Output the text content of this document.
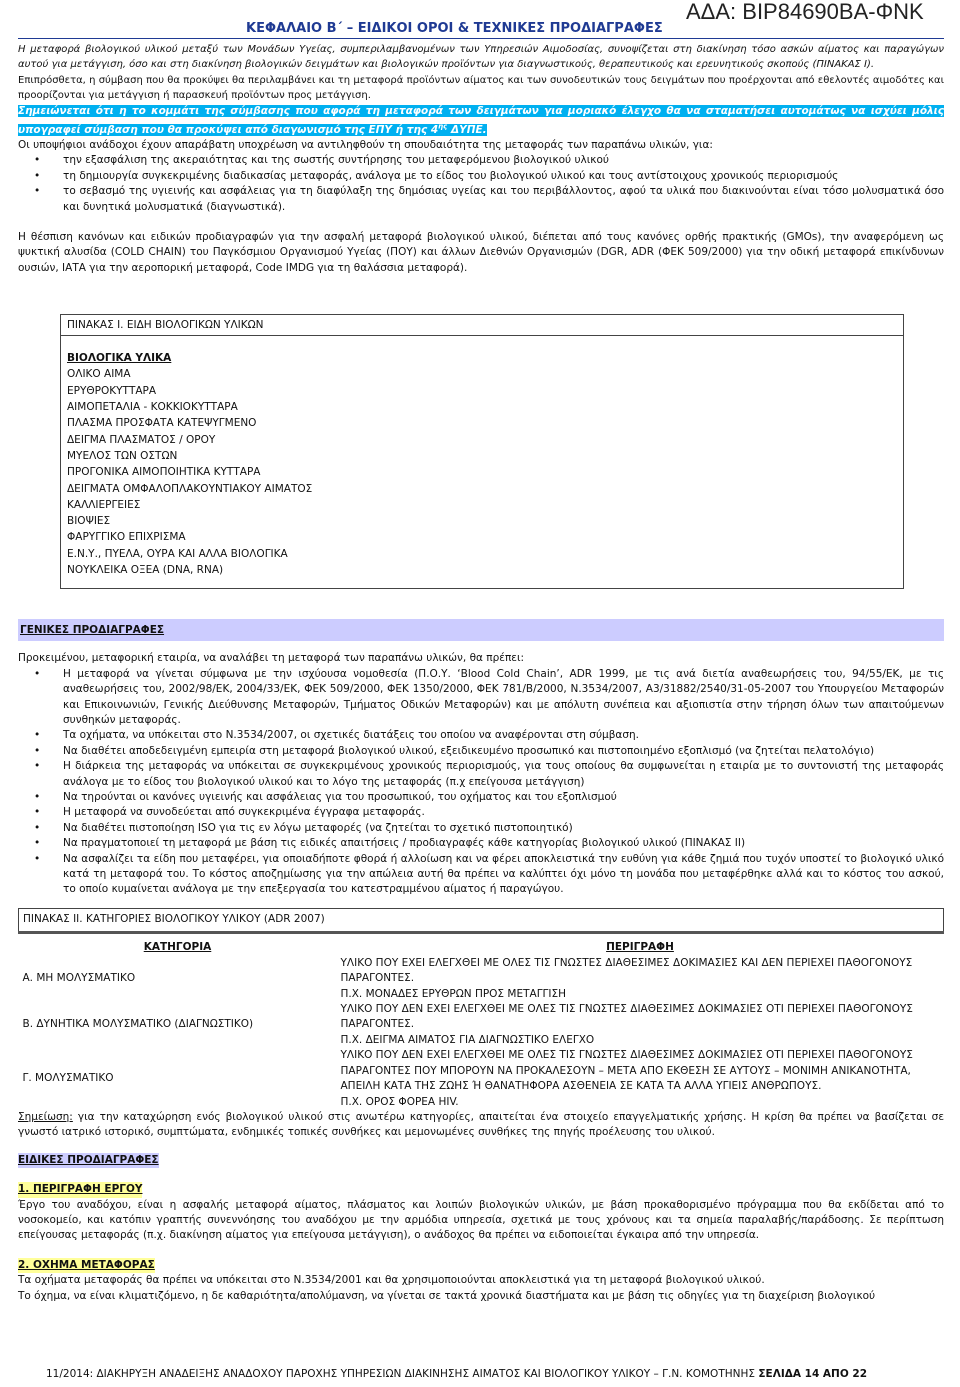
ΚΕΦΑΛΑΙΟ Β΄ – ΕΙΔΙΚΟΙ ΟΡΟΙ & ΤΕΧΝΙΚΕΣ ΠΡΟΔΙΑΓΡΑΦΕΣ
ΑΔΑ: ΒΙΡ84690ΒΑ-ΦΝΚ

Η μεταφορά βιολογικού υλικού μεταξύ των Μονάδων Υγείας, συμπεριλαμβανομένων των Υπηρεσιών Αιμοδοσίας, συνοψίζεται στη διακίνηση τόσο ασκών αίματος και παραγώγων αυτού για μετάγγιση, όσο και στη διακίνηση βιολογικών δειγμάτων και βιολογικών προϊόντων για διαγνωστικούς, θεραπευτικούς και ερευνητικούς σκοπούς (ΠΙΝΑΚΑΣ Ι).

Επιπρόσθετα, η σύμβαση που θα προκύψει θα περιλαμβάνει και τη μεταφορά προϊόντων αίματος και των συνοδευτικών τους δειγμάτων που προέρχονται από εθελοντές αιμοδότες και προορίζονται για μετάγγιση ή παρασκευή προϊόντων προς μετάγγιση.

Σημειώνεται ότι η το κομμάτι της σύμβασης που αφορά τη μεταφορά των δειγμάτων για μοριακό έλεγχο θα να σταματήσει αυτομάτως να ισχύει μόλις υπογραφεί σύμβαση που θα προκύψει από διαγωνισμό της ΕΠΥ ή της $4^{\eta\varsigma}$ ΔΥΠΕ.

Οι υποψήφιοι ανάδοχοι έχουν απαράβατη υποχρέωση να αντιληφθούν τη σπουδαιότητα της μεταφοράς των παραπάνω υλικών, για:

• την εξασφάλιση της ακεραιότητας και της σωστής συντήρησης του μεταφερόμενου βιολογικού υλικού
• τη δημιουργία συγκεκριμένης διαδικασίας μεταφοράς, ανάλογα με το είδος του βιολογικού υλικού και τους αντίστοιχους χρονικούς περιορισμούς
• το σεβασμό της υγιεινής και ασφάλειας για τη διαφύλαξη της δημόσιας υγείας και του περιβάλλοντος, αφού τα υλικά που διακινούνται είναι τόσο μολυσματικά όσο και δυνητικά μολυσματικά (διαγνωστικά).

Η θέσπιση κανόνων και ειδικών προδιαγραφών για την ασφαλή μεταφορά βιολογικού υλικού, διέπεται από τους κανόνες ορθής πρακτικής (GMOs), την αναφερόμενη ως ψυκτική αλυσίδα (COLD CHAIN) του Παγκόσμιου Οργανισμού Υγείας (ΠΟΥ) και άλλων Διεθνών Οργανισμών (DGR, ADR (ΦΕΚ 509/2000) για την οδική μεταφορά επικίνδυνων ουσιών, ΙΑΤΑ για την αεροπορική μεταφορά, Code IMDG για τη θαλάσσια μεταφορά).

ΠΙΝΑΚΑΣ Ι. ΕΙΔΗ ΒΙΟΛΟΓΙΚΩΝ ΥΛΙΚΩΝ
ΒΙΟΛΟΓΙΚΑ ΥΛΙΚΑ
ΟΛΙΚΟ ΑΙΜΑ
ΕΡΥΘΡΟΚΥΤΤΑΡΑ
ΑΙΜΟΠΕΤΑΛΙΑ - ΚΟΚΚΙΟΚΥΤΤΑΡΑ
ΠΛΑΣΜΑ ΠΡΟΣΦΑΤΑ ΚΑΤΕΨΥΓΜΕΝΟ
ΔΕΙΓΜΑ ΠΛΑΣΜΑΤΟΣ / ΟΡΟΥ
ΜΥΕΛΟΣ ΤΩΝ ΟΣΤΩΝ
ΠΡΟΓΟΝΙΚΑ ΑΙΜΟΠΟΙΗΤΙΚΑ ΚΥΤΤΑΡΑ
ΔΕΙΓΜΑΤΑ ΟΜΦΑΛΟΠΛΑΚΟΥΝΤΙΑΚΟΥ ΑΙΜΑΤΟΣ
ΚΑΛΛΙΕΡΓΕΙΕΣ
ΒΙΟΨΙΕΣ
ΦΑΡΥΓΓΙΚΟ ΕΠΙΧΡΙΣΜΑ
Ε.Ν.Υ., ΠΥΕΛΑ, ΟΥΡΑ ΚΑΙ ΑΛΛΑ ΒΙΟΛΟΓΙΚΑ
ΝΟΥΚΛΕΙΚΑ ΟΞΕΑ (DNA, RNA)
ΓΕΝΙΚΕΣ ΠΡΟΔΙΑΓΡΑΦΕΣ

Προκειμένου, μεταφορική εταιρία, να αναλάβει τη μεταφορά των παραπάνω υλικών, θα πρέπει:

• Η μεταφορά να γίνεται σύμφωνα με την ισχύουσα νομοθεσία (Π.Ο.Υ. ‘Blood Cold Chain’, ADR 1999, με τις ανά διετία αναθεωρήσεις του, 94/55/ΕΚ, με τις αναθεωρήσεις του, 2002/98/ΕΚ, 2004/33/ΕΚ, ΦΕΚ 509/2000, ΦΕΚ 1350/2000, ΦΕΚ 781/Β/2000, Ν.3534/2007, Α3/31882/2540/31-05-2007 του Υπουργείου Μεταφορών και Επικοινωνιών, Γενικής Διεύθυνσης Μεταφορών, Τμήματος Οδικών Μεταφορών) και με απόλυτη συνέπεια και αξιοπιστία στην τήρηση όλων των απαιτούμενων συνθηκών μεταφοράς.
• Τα οχήματα, να υπόκειται στο Ν.3534/2007, οι σχετικές διατάξεις του οποίου να αναφέρονται στη σύμβαση.
• Να διαθέτει αποδεδειγμένη εμπειρία στη μεταφορά βιολογικού υλικού, εξειδικευμένο προσωπικό και πιστοποιημένο εξοπλισμό (να ζητείται πελατολόγιο)
• Η διάρκεια της μεταφοράς να υπόκειται σε συγκεκριμένους χρονικούς περιορισμούς, για τους οποίους θα συμφωνείται η εταιρία με το συντονιστή της μεταφοράς ανάλογα με το είδος του βιολογικού υλικού και το λόγο της μεταφοράς (π.χ επείγουσα μετάγγιση)
• Να τηρούνται οι κανόνες υγιεινής και ασφάλειας για του προσωπικού, του οχήματος και του εξοπλισμού
• Η μεταφορά να συνοδεύεται από συγκεκριμένα έγγραφα μεταφοράς.
• Να διαθέτει πιστοποίηση ISO για τις εν λόγω μεταφορές (να ζητείται το σχετικό πιστοποιητικό)
• Να πραγματοποιεί τη μεταφορά με βάση τις ειδικές απαιτήσεις / προδιαγραφές κάθε κατηγορίας βιολογικού υλικού (ΠΙΝΑΚΑΣ ΙΙ)
• Να ασφαλίζει τα είδη που μεταφέρει, για οποιαδήποτε φθορά ή αλλοίωση και να φέρει αποκλειστικά την ευθύνη για κάθε ζημιά που τυχόν υποστεί το βιολογικό υλικό κατά τη μεταφορά του. Το κόστος αποζημίωσης για την απώλεια αυτή θα πρέπει να καλύπτει όχι μόνο τη μονάδα που μεταφέρθηκε αλλά και το κόστος του ασκού, το οποίο κυμαίνεται ανάλογα με την επεξεργασία του κατεστραμμένου αίματος ή παραγώγου.
ΠΙΝΑΚΑΣ ΙΙ. ΚΑΤΗΓΟΡΙΕΣ ΒΙΟΛΟΓΙΚΟΥ ΥΛΙΚΟΥ (ADR 2007)	
ΚΑΤΗΓΟΡΙΑ	ΠΕΡΙΓΡΑΦΗ
Α. ΜΗ ΜΟΛΥΣΜΑΤΙΚΟ	ΥΛΙΚΟ ΠΟΥ ΕΧΕΙ ΕΛΕΓΧΘΕΙ ΜΕ ΟΛΕΣ ΤΙΣ ΓΝΩΣΤΕΣ ΔΙΑΘΕΣΙΜΕΣ ΔΟΚΙΜΑΣΙΕΣ ΚΑΙ ΔΕΝ ΠΕΡΙΕΧΕΙ ΠΑΘΟΓΟΝΟΥΣ ΠΑΡΑΓΟΝΤΕΣ.
Π.Χ. ΜΟΝΑΔΕΣ ΕΡΥΘΡΩΝ ΠΡΟΣ ΜΕΤΑΓΓΙΣΗ

Β. ΔΥΝΗΤΙΚΑ ΜΟΛΥΣΜΑΤΙΚΟ (ΔΙΑΓΝΩΣΤΙΚΟ)	ΥΛΙΚΟ ΠΟΥ ΔΕΝ ΕΧΕΙ ΕΛΕΓΧΘΕΙ ΜΕ ΟΛΕΣ ΤΙΣ ΓΝΩΣΤΕΣ ΔΙΑΘΕΣΙΜΕΣ ΔΟΚΙΜΑΣΙΕΣ ΟΤΙ ΠΕΡΙΕΧΕΙ ΠΑΘΟΓΟΝΟΥΣ ΠΑΡΑΓΟΝΤΕΣ.
Π.Χ. ΔΕΙΓΜΑ ΑΙΜΑΤΟΣ ΓΙΑ ΔΙΑΓΝΩΣΤΙΚΟ ΕΛΕΓΧΟ

Γ. ΜΟΛΥΣΜΑΤΙΚΟ	ΥΛΙΚΟ ΠΟΥ ΔΕΝ ΕΧΕΙ ΕΛΕΓΧΘΕΙ ΜΕ ΟΛΕΣ ΤΙΣ ΓΝΩΣΤΕΣ ΔΙΑΘΕΣΙΜΕΣ ΔΟΚΙΜΑΣΙΕΣ ΟΤΙ ΠΕΡΙΕΧΕΙ ΠΑΘΟΓΟΝΟΥΣ ΠΑΡΑΓΟΝΤΕΣ ΠΟΥ ΜΠΟΡΟΥΝ ΝΑ ΠΡΟΚΑΛΕΣΟΥΝ – ΜΕΤΑ ΑΠΟ ΕΚΘΕΣΗ ΣΕ ΑΥΤΟΥΣ – ΜΟΝΙΜΗ ΑΝΙΚΑΝΟΤΗΤΑ, ΑΠΕΙΛΗ ΚΑΤΑ ΤΗΣ ΖΩΗΣ Ή ΘΑΝΑΤΗΦΟΡΑ ΑΣΘΕΝΕΙΑ ΣΕ ΚΑΤΑ ΤΑ ΑΛΛΑ ΥΓΙΕΙΣ ΑΝΘΡΩΠΟΥΣ.
Π.Χ. ΟΡΟΣ ΦΟΡΕΑ HIV.

Σημείωση: για την καταχώρηση ενός βιολογικού υλικού στις ανωτέρω κατηγορίες, απαιτείται ένα στοιχείο επαγγελματικής χρήσης. Η κρίση θα πρέπει να βασίζεται σε γνωστό ιατρικό ιστορικό, συμπτώματα, ενδημικές τοπικές συνθήκες και μεμονωμένες συνθήκες της πηγής προέλευσης του υλικού.

ΕΙΔΙΚΕΣ ΠΡΟΔΙΑΓΡΑΦΕΣ
1. ΠΕΡΙΓΡΑΦΗ ΕΡΓΟΥ

Έργο του αναδόχου, είναι η ασφαλής μεταφορά αίματος, πλάσματος και λοιπών βιολογικών υλικών, με βάση προκαθορισμένο πρόγραμμα που θα εκδίδεται από το νοσοκομείο, και κατόπιν γραπτής συνεννόησης του αναδόχου με την αρμόδια υπηρεσία, σχετικά με τους χρόνους και τα σημεία παραλαβής/παράδοσης. Σε περίπτωση επείγουσας μεταφοράς (π.χ. διακίνηση αίματος για επείγουσα μετάγγιση), ο ανάδοχος θα πρέπει να ειδοποιείται έγκαιρα από την υπηρεσία.

2. ΟΧΗΜΑ ΜΕΤΑΦΟΡΑΣ

Τα οχήματα μεταφοράς θα πρέπει να υπόκειται στο Ν.3534/2001 και θα χρησιμοποιούνται αποκλειστικά για τη μεταφορά βιολογικού υλικού.

Το όχημα, να είναι κλιματιζόμενο, η δε καθαριότητα/απολύμανση, να γίνεται σε τακτά χρονικά διαστήματα και με βάση τις οδηγίες για τη διαχείριση βιολογικού

11/2014: ΔΙΑΚΗΡΥΞΗ ΑΝΑΔΕΙΞΗΣ ΑΝΑΔΟΧΟΥ ΠΑΡΟΧΗΣ ΥΠΗΡΕΣΙΩΝ ΔΙΑΚΙΝΗΣΗΣ ΑΙΜΑΤΟΣ ΚΑΙ ΒΙΟΛΟΓΙΚΟΥ ΥΛΙΚΟΥ – Γ.Ν. ΚΟΜΟΤΗΝΗΣ ΣΕΛΙΔΑ 14 ΑΠΟ 22
